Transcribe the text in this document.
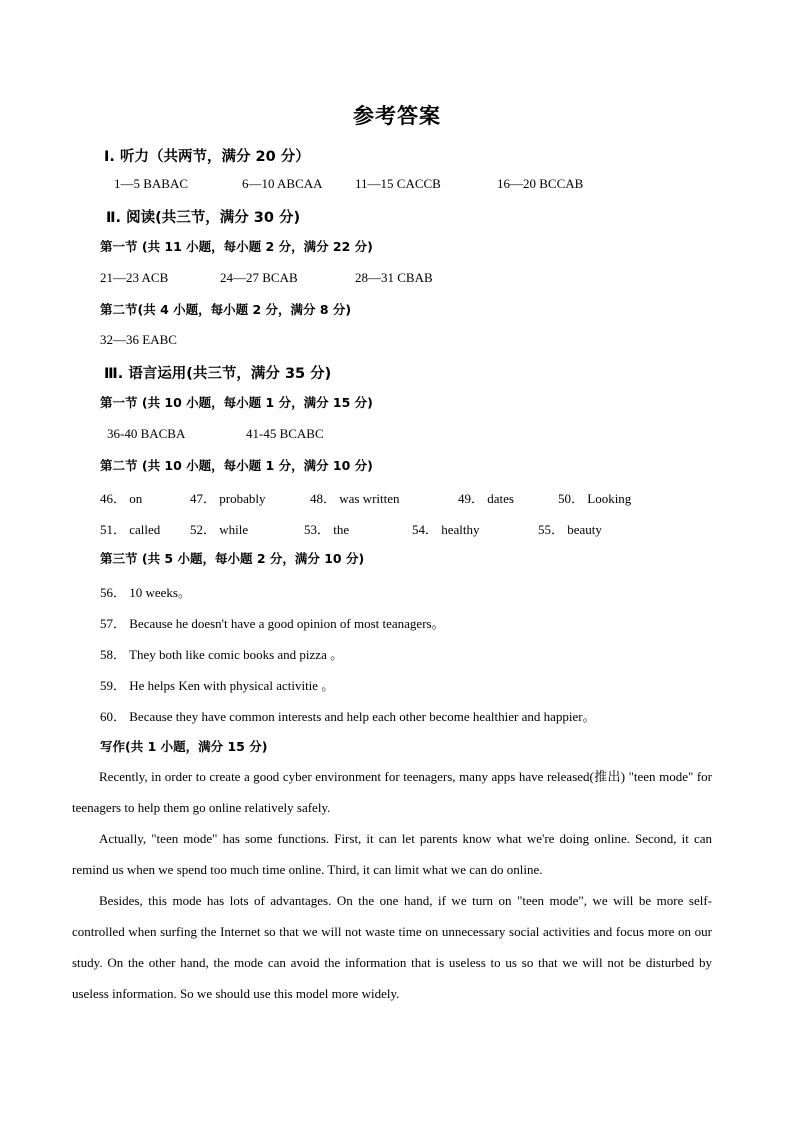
参考答案
Ⅰ. 听力（共两节，满分 20 分）
1—5 BABAC	6—10 ABCAA 11—15 CACCB	16—20 BCCAB
Ⅱ. 阅读(共三节，满分 30 分)
第一节 (共 11 小题，每小题 2 分，满分 22 分)
21—23 ACB	24—27 BCAB	28—31 CBAB
第二节(共 4 小题，每小题 2 分，满分 8 分)
32—36 EABC
Ⅲ. 语言运用(共三节，满分 35 分)
第一节 (共 10 小题，每小题 1 分，满分 15 分)
36-40 BACBA	41-45 BCABC
第二节 (共 10 小题，每小题 1 分，满分 10 分)
46． on	47． probably	48． was written	49． dates	50． Looking
51． called 52． while	53． the	54． healthy	55． beauty
第三节 (共 5 小题，每小题 2 分，满分 10 分)
56． 10 weeks。
57． Because he doesn't have a good opinion of most teanagers。
58． They both like comic books and pizza 。
59． He helps Ken with physical activitie 。
60． Because they have common interests and help each other become healthier and happier。
写作(共 1 小题，满分 15 分)
Recently, in order to create a good cyber environment for teenagers, many apps have released(推出) "teen mode" for teenagers to help them go online relatively safely.
Actually, "teen mode" has some functions. First, it can let parents know what we're doing online. Second, it can remind us when we spend too much time online. Third, it can limit what we can do online.
Besides, this mode has lots of advantages. On the one hand, if we turn on "teen mode", we will be more self-controlled when surfing the Internet so that we will not waste time on unnecessary social activities and focus more on our study. On the other hand, the mode can avoid the information that is useless to us so that we will not be disturbed by useless information. So we should use this model more widely.
